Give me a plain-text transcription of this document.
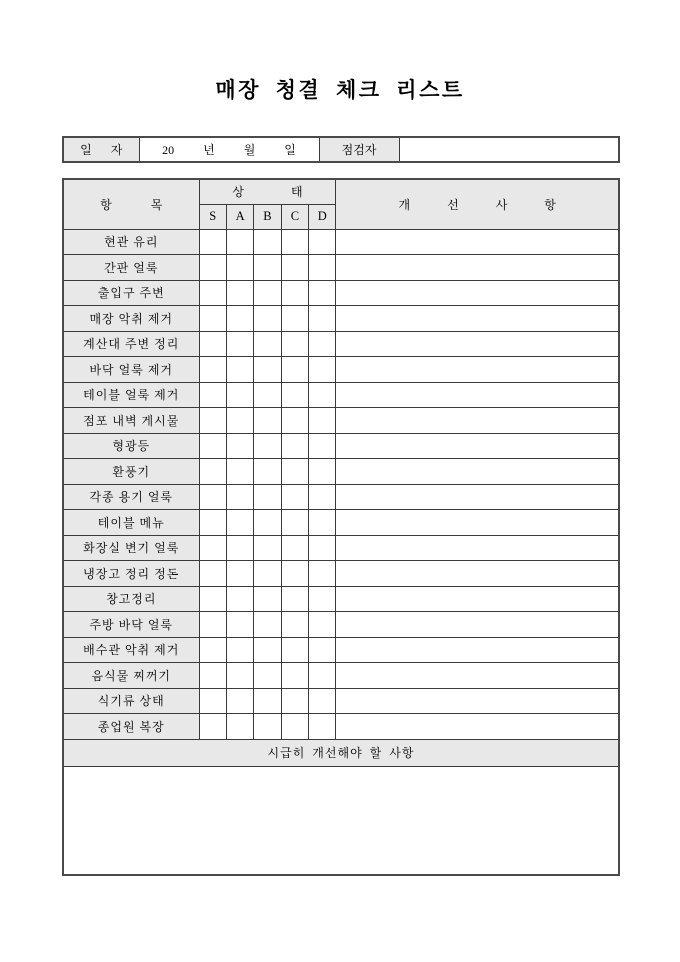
매장 청결 체크 리스트
일 자	20 년 월 일	점검자	
항 목	상 태					개 선 사 항
	S	A	B	C	D	
현관 유리						
간판 얼룩						
출입구 주변						
매장 악취 제거						
계산대 주변 정리						
바닥 얼룩 제거						
테이블 얼룩 제거						
점포 내벽 게시물						
형광등						
환풍기						
각종 용기 얼룩						
테이블 메뉴						
화장실 변기 얼룩						
냉장고 정리 정돈						
창고정리						
주방 바닥 얼룩						
배수관 악취 제거						
음식물 찌꺼기						
식기류 상태						
종업원 복장						
시급히 개선해야 할 사항						
